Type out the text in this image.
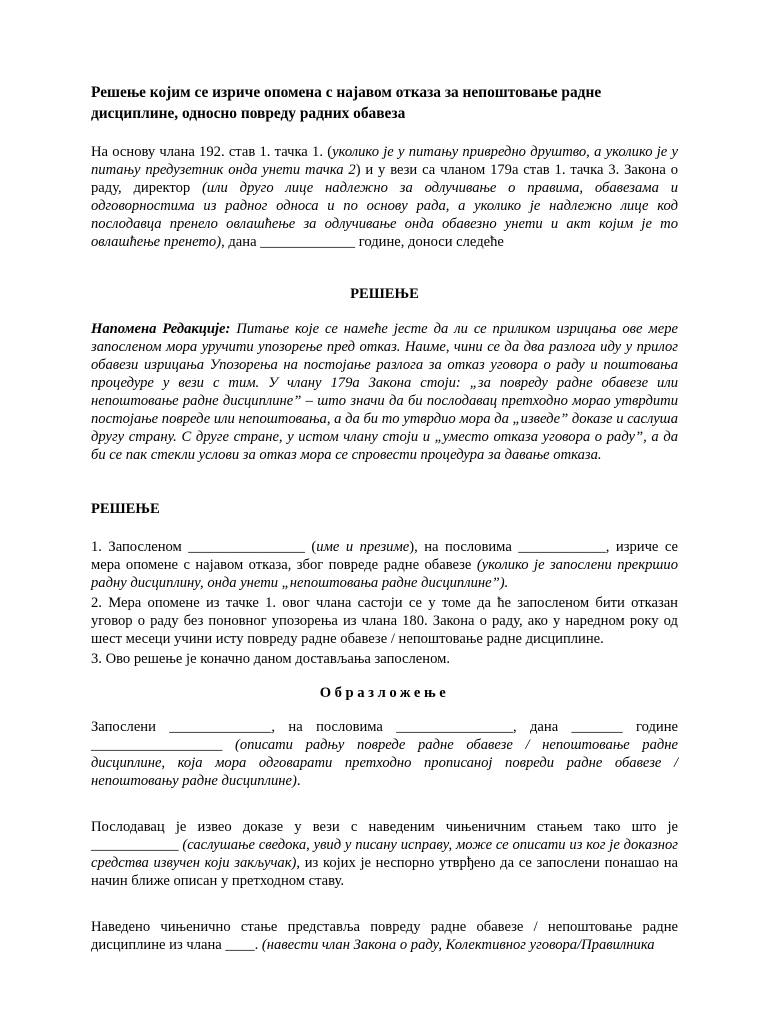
Решење којим се изриче опомена с најавом отказа за непоштовање радне дисциплине, односно повреду радних обавеза

На основу члана 192. став 1. тачка 1. (уколико је у питању привредно друштво, а уколико је у питању предузетник онда унети тачка 2) и у вези са чланом 179а став 1. тачка 3. Закона о раду, директор (или друго лице надлежно за одлучивање о правима, обавезама и одговорностима из радног односа и по основу рада, а уколико је надлежно лице код послодавца пренело овлашћење за одлучивање онда обавезно унети и акт којим је то овлашћење пренето), дана _____________ године, доноси следеће

РЕШЕЊЕ

Напомена Редакције: Питање које се намеће јесте да ли се приликом изрицања ове мере запосленом мора уручити упозорење пред отказ. Наиме, чини се да два разлога иду у прилог обавези изрицања Упозорења на постојање разлога за отказ уговора о раду и поштовања процедуре у вези с тим. У члану 179а Закона стоји: „за повреду радне обавезе или непоштовање радне дисциплине” – што значи да би послодавац претходно морао утврдити постојање повреде или непоштовања, а да би то утврдио мора да „изведе” доказе и саслуша другу страну. С друге стране, у истом члану стоји и „уместо отказа уговора о раду”, а да би се пак стекли услови за отказ мора се спровести процедура за давање отказа.

РЕШЕЊЕ

1. Запосленом ________________ (име и презиме), на пословима ____________, изриче се мера опомене с најавом отказа, због повреде радне обавезе (уколико је запослени прекршио радну дисциплину, онда унети „непоштовања радне дисциплине”).

2. Мера опомене из тачке 1. овог члана састоји се у томе да ће запосленом бити отказан уговор о раду без поновног упозорења из члана 180. Закона о раду, ако у наредном року од шест месеци учини исту повреду радне обавезе / непоштовање радне дисциплине.

3. Ово решење је коначно даном достављања запосленом.

Образложење

Запослени ______________, на пословима ________________, дана _______ године __________________ (описати радњу повреде радне обавезе / непоштовање радне дисциплине, која мора одговарати претходно прописаној повреди радне обавезе / непоштовању радне дисциплине).

Послодавац је извео доказе у вези с наведеним чињеничним стањем тако што је ____________ (саслушање сведока, увид у писану исправу, може се описати из ког је доказног средства извучен који закључак), из којих је неспорно утврђено да се запослени понашао на начин ближе описан у претходном ставу.

Наведено чињенично стање представља повреду радне обавезе / непоштовање радне дисциплине из члана ____. (навести члан Закона о раду, Колективног уговора/Правилника
